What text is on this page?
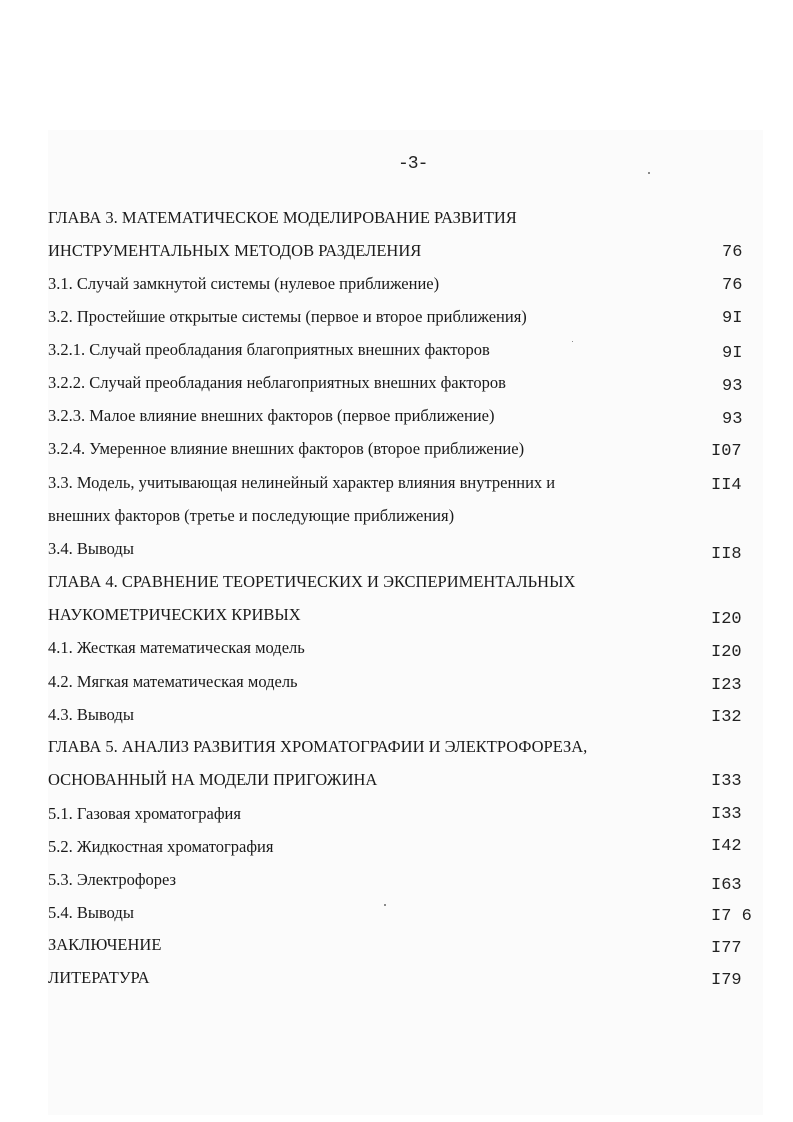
-3-
ГЛАВА 3. МАТЕМАТИЧЕСКОЕ МОДЕЛИРОВАНИЕ РАЗВИТИЯ
ИНСТРУМЕНТАЛЬНЫХ МЕТОДОВ РАЗДЕЛЕНИЯ	76
3.1. Случай замкнутой системы (нулевое приближение)	76
3.2. Простейшие открытые системы (первое и второе приближения)	9I
3.2.1. Случай преобладания благоприятных внешних факторов	9I
3.2.2. Случай преобладания неблагоприятных внешних факторов	93
3.2.3. Малое влияние внешних факторов (первое приближение)	93
3.2.4. Умеренное влияние внешних факторов (второе приближение)	I07
3.3. Модель, учитывающая нелинейный характер влияния внутренних и	II4
внешних факторов (третье и последующие приближения)
3.4. Выводы	II8
ГЛАВА 4. СРАВНЕНИЕ ТЕОРЕТИЧЕСКИХ И ЭКСПЕРИМЕНТАЛЬНЫХ
НАУКОМЕТРИЧЕСКИХ КРИВЫХ	I20
4.1. Жесткая математическая модель	I20
4.2. Мягкая математическая модель	I23
4.3. Выводы	I32
ГЛАВА 5. АНАЛИЗ РАЗВИТИЯ ХРОМАТОГРАФИИ И ЭЛЕКТРОФОРЕЗА,
ОСНОВАННЫЙ НА МОДЕЛИ ПРИГОЖИНА	I33
5.1. Газовая хроматография	I33
5.2. Жидкостная хроматография	I42
5.3. Электрофорез	I63
5.4. Выводы	I7 6
ЗАКЛЮЧЕНИЕ	I77
ЛИТЕРАТУРА	I79
